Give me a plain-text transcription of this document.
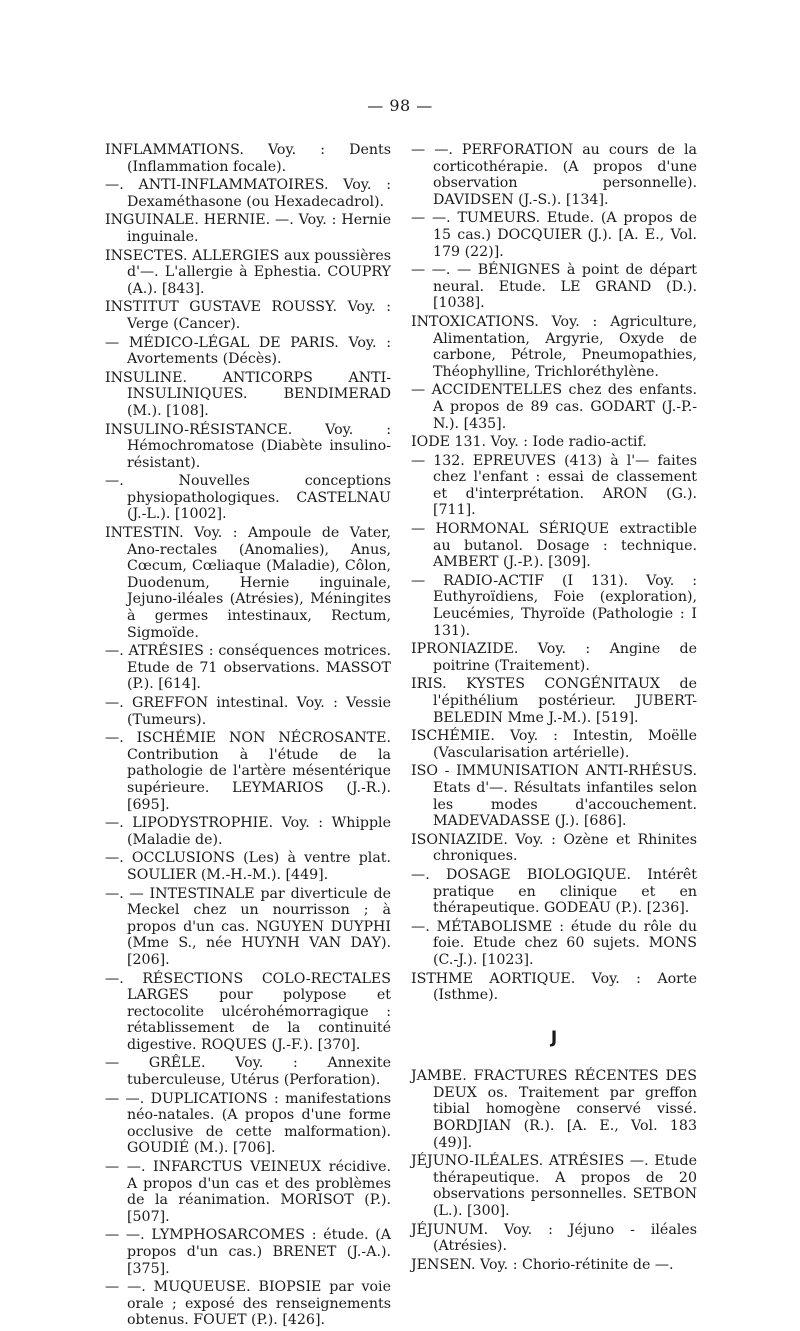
— 98 —

INFLAMMATIONS. Voy. : Dents (Inflammation focale).

—. ANTI-INFLAMMATOIRES. Voy. : Dexaméthasone (ou Hexadecadrol).

INGUINALE. HERNIE. —. Voy. : Hernie inguinale.

INSECTES. ALLERGIES aux poussières d'—. L'allergie à Ephestia. COUPRY (A.). [843].

INSTITUT GUSTAVE ROUSSY. Voy. : Verge (Cancer).

— MÉDICO-LÉGAL DE PARIS. Voy. : Avortements (Décès).

INSULINE. ANTICORPS ANTI-INSULINIQUES. BENDIMERAD (M.). [108].

INSULINO-RÉSISTANCE. Voy. : Hémochromatose (Diabète insulino-résistant).

—. Nouvelles conceptions physiopathologiques. CASTELNAU (J.-L.). [1002].

INTESTIN. Voy. : Ampoule de Vater, Ano-rectales (Anomalies), Anus, Cœcum, Cœliaque (Maladie), Côlon, Duodenum, Hernie inguinale, Jejuno-iléales (Atrésies), Méningites à germes intestinaux, Rectum, Sigmoïde.

—. ATRÉSIES : conséquences motrices. Etude de 71 observations. MASSOT (P.). [614].

—. GREFFON intestinal. Voy. : Vessie (Tumeurs).

—. ISCHÉMIE NON NÉCROSANTE. Contribution à l'étude de la pathologie de l'artère mésentérique supérieure. LEYMARIOS (J.-R.). [695].

—. LIPODYSTROPHIE. Voy. : Whipple (Maladie de).

—. OCCLUSIONS (Les) à ventre plat. SOULIER (M.-H.-M.). [449].

—. — INTESTINALE par diverticule de Meckel chez un nourrisson ; à propos d'un cas. NGUYEN DUYPHI (Mme S., née HUYNH VAN DAY). [206].

—. RÉSECTIONS COLO-RECTALES LARGES pour polypose et rectocolite ulcérohémorragique : rétablissement de la continuité digestive. ROQUES (J.-F.). [370].

— GRÊLE. Voy. : Annexite tuberculeuse, Utérus (Perforation).

— —. DUPLICATIONS : manifestations néo-natales. (A propos d'une forme occlusive de cette malformation). GOUDIÉ (M.). [706].

— —. INFARCTUS VEINEUX récidive. A propos d'un cas et des problèmes de la réanimation. MORISOT (P.). [507].

— —. LYMPHOSARCOMES : étude. (A propos d'un cas.) BRENET (J.-A.). [375].

— —. MUQUEUSE. BIOPSIE par voie orale ; exposé des renseignements obtenus. FOUET (P.). [426].

— —. PERFORATION au cours de la corticothérapie. (A propos d'une observation personnelle). DAVIDSEN (J.-S.). [134].

— —. TUMEURS. Etude. (A propos de 15 cas.) DOCQUIER (J.). [A. E., Vol. 179 (22)].

— —. — BÉNIGNES à point de départ neural. Etude. LE GRAND (D.). [1038].

INTOXICATIONS. Voy. : Agriculture, Alimentation, Argyrie, Oxyde de carbone, Pétrole, Pneumopathies, Théophylline, Trichloréthylène.

— ACCIDENTELLES chez des enfants. A propos de 89 cas. GODART (J.-P.-N.). [435].

IODE 131. Voy. : Iode radio-actif.

— 132. EPREUVES (413) à l'— faites chez l'enfant : essai de classement et d'interprétation. ARON (G.). [711].

— HORMONAL SÉRIQUE extractible au butanol. Dosage : technique. AMBERT (J.-P.). [309].

— RADIO-ACTIF (I 131). Voy. : Euthyroïdiens, Foie (exploration), Leucémies, Thyroïde (Pathologie : I 131).

IPRONIAZIDE. Voy. : Angine de poitrine (Traitement).

IRIS. KYSTES CONGÉNITAUX de l'épithélium postérieur. JUBERT-BELEDIN Mme J.-M.). [519].

ISCHÉMIE. Voy. : Intestin, Moëlle (Vascularisation artérielle).

ISO - IMMUNISATION ANTI-RHÉSUS. Etats d'—. Résultats infantiles selon les modes d'accouchement. MADEVADASSE (J.). [686].

ISONIAZIDE. Voy. : Ozène et Rhinites chroniques.

—. DOSAGE BIOLOGIQUE. Intérêt pratique en clinique et en thérapeutique. GODEAU (P.). [236].

—. MÉTABOLISME : étude du rôle du foie. Etude chez 60 sujets. MONS (C.-J.). [1023].

ISTHME AORTIQUE. Voy. : Aorte (Isthme).

J

JAMBE. FRACTURES RÉCENTES DES DEUX os. Traitement par greffon tibial homogène conservé vissé. BORDJIAN (R.). [A. E., Vol. 183 (49)].

JÉJUNO-ILÉALES. ATRÉSIES —. Etude thérapeutique. A propos de 20 observations personnelles. SETBON (L.). [300].

JÉJUNUM. Voy. : Jéjuno - iléales (Atrésies).

JENSEN. Voy. : Chorio-rétinite de —.
